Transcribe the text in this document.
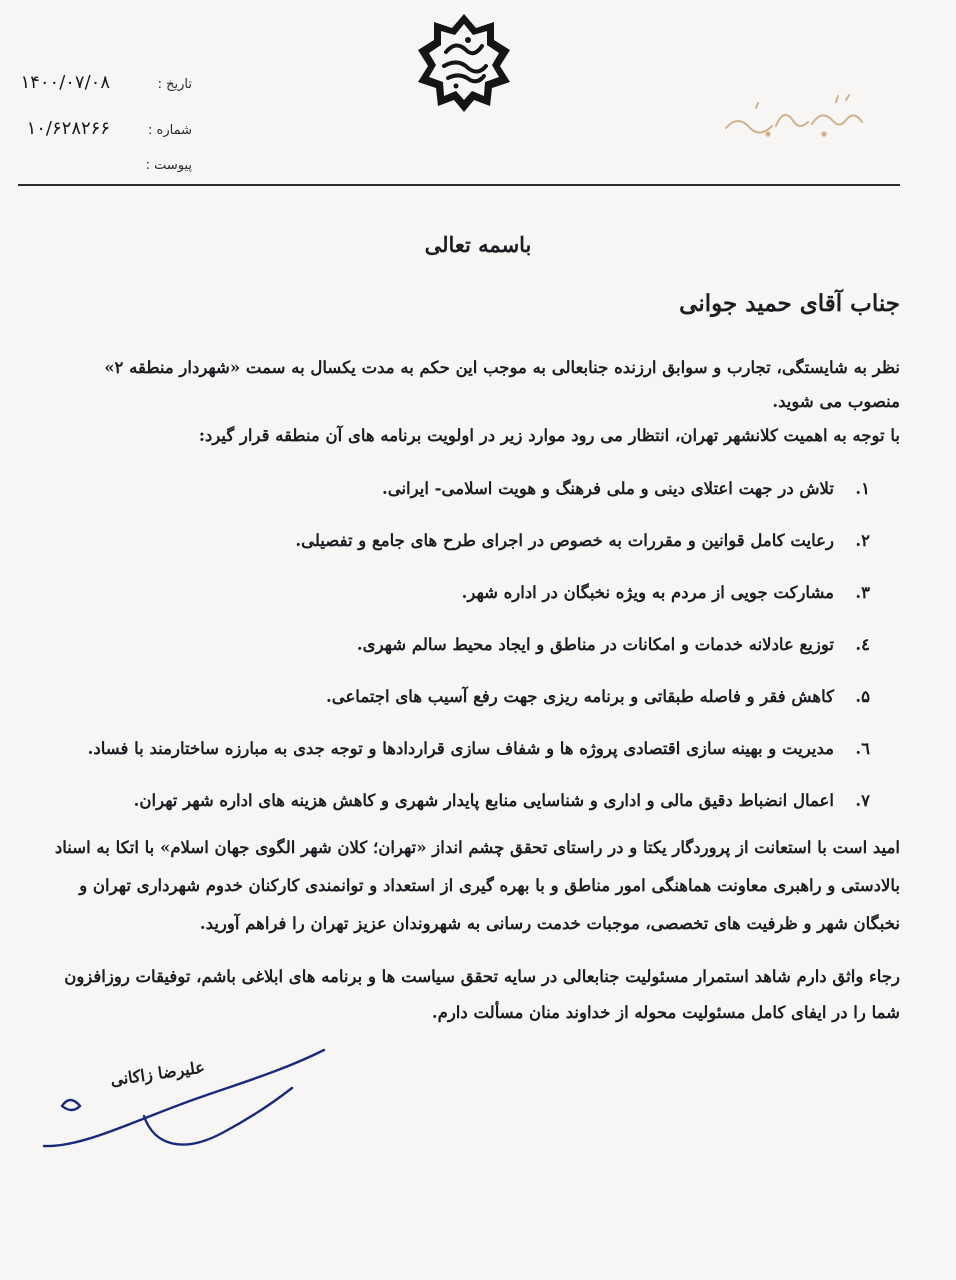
تاریخ :
۱۴۰۰/۰۷/۰۸
شماره :
۱۰/۶۲۸۲۶۶
پیوست :
باسمه تعالی
جناب آقای حمید جوانی

نظر به شایستگی، تجارب و سوابق ارزنده جنابعالی به موجب این حکم به مدت یکسال به سمت «شهردار منطقه ۲» منصوب می شوید.

با توجه به اهمیت کلانشهر تهران، انتظار می رود موارد زیر در اولویت برنامه های آن منطقه قرار گیرد:

۱.
تلاش در جهت اعتلای دینی و ملی فرهنگ و هویت اسلامی- ایرانی.
۲.
رعایت کامل قوانین و مقررات به خصوص در اجرای طرح های جامع و تفصیلی.
۳.
مشارکت جویی از مردم به ویژه نخبگان در اداره شهر.
٤.
توزیع عادلانه خدمات و امکانات در مناطق و ایجاد محیط سالم شهری.
۵.
کاهش فقر و فاصله طبقاتی و برنامه ریزی جهت رفع آسیب های اجتماعی.
٦.
مدیریت و بهینه سازی اقتصادی پروژه ها و شفاف سازی قراردادها و توجه جدی به مبارزه ساختارمند با فساد.
۷.
اعمال انضباط دقیق مالی و اداری و شناسایی منابع پایدار شهری و کاهش هزینه های اداره شهر تهران.

امید است با استعانت از پروردگار یکتا و در راستای تحقق چشم انداز «تهران؛ کلان شهر الگوی جهان اسلام» با اتکا به اسناد بالادستی و راهبری معاونت هماهنگی امور مناطق و با بهره گیری از استعداد و توانمندی کارکنان خدوم شهرداری تهران و نخبگان شهر و ظرفیت های تخصصی، موجبات خدمت رسانی به شهروندان عزیز تهران را فراهم آورید.

رجاء واثق دارم شاهد استمرار مسئولیت جنابعالی در سایه تحقق سیاست ها و برنامه های ابلاغی باشم، توفیقات روزافزون شما را در ایفای کامل مسئولیت محوله از خداوند منان مسألت دارم.

علیرضا زاکانی
